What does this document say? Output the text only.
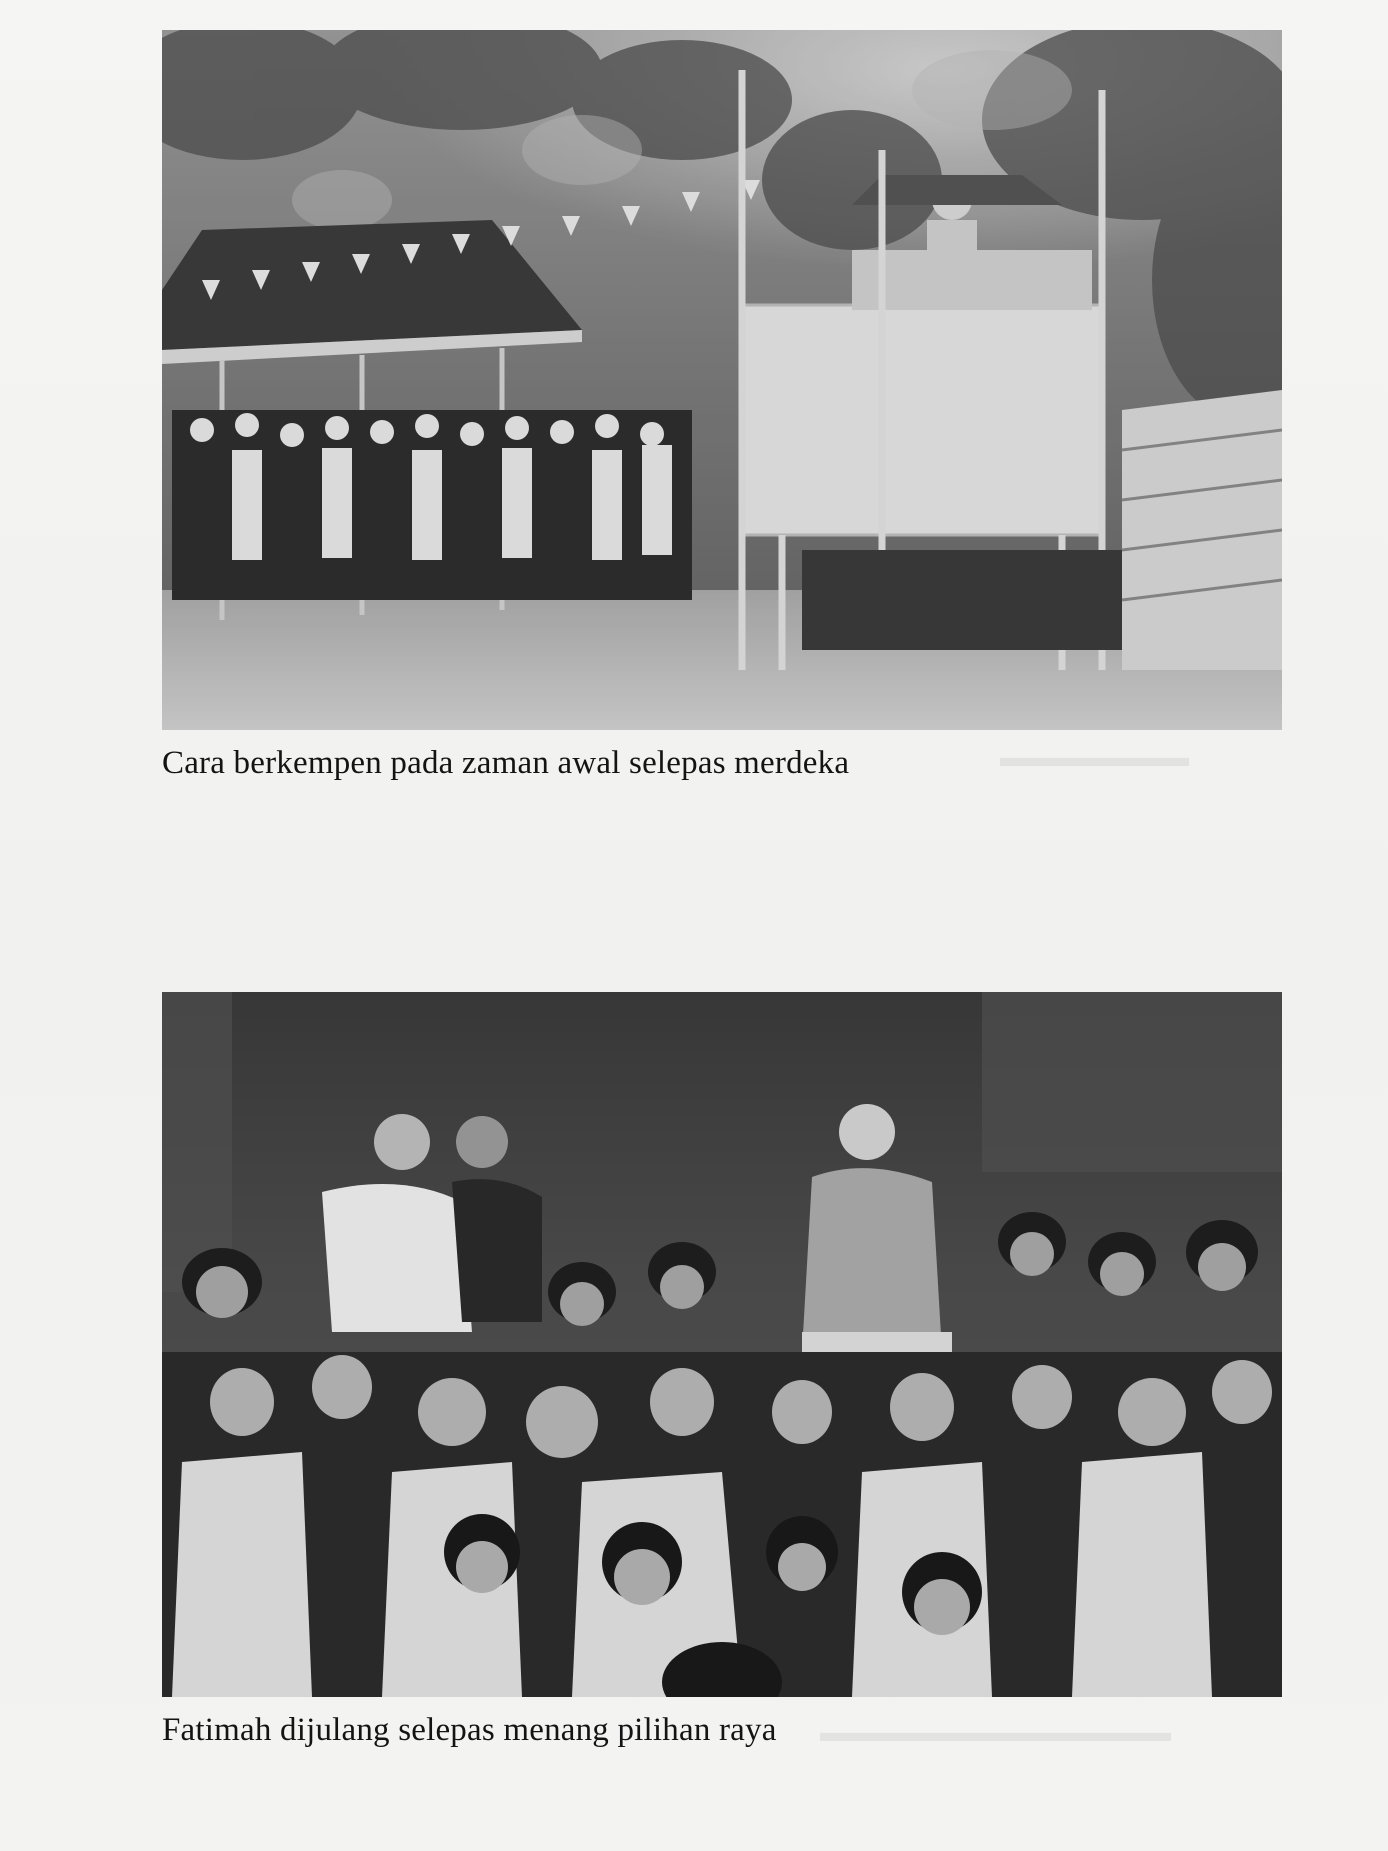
▬▬▬▬▬▬▬
▬▬▬▬▬▬▬▬▬▬▬▬▬
Cara berkempen pada zaman awal selepas merdeka
Fatimah dijulang selepas menang pilihan raya
